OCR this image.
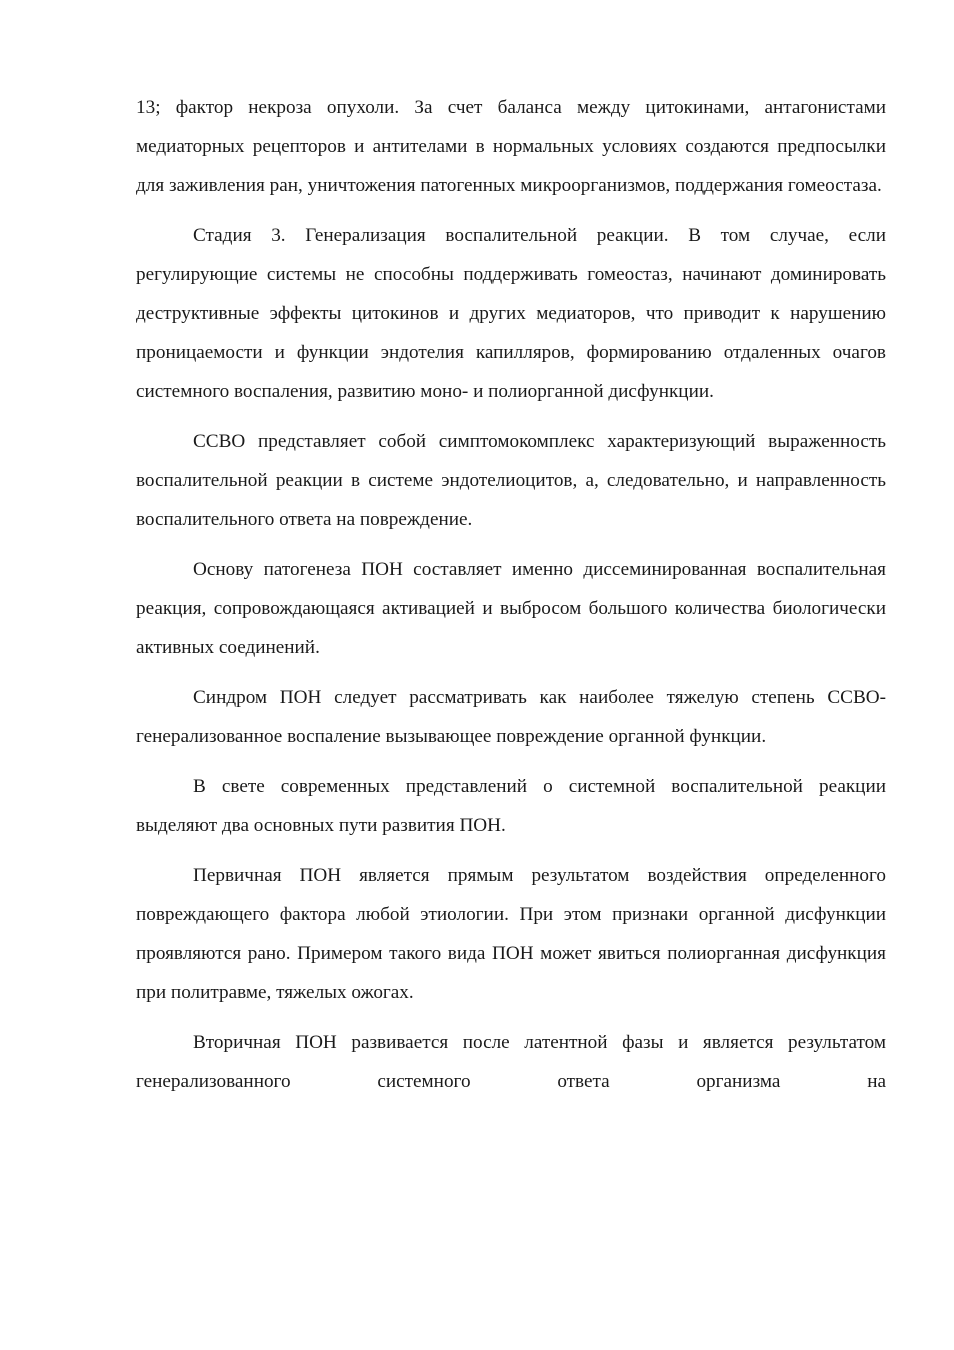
13; фактор некроза опухоли. За счет баланса между цитокинами, антагонистами медиаторных рецепторов и антителами в нормальных условиях создаются предпосылки для заживления ран, уничтожения патогенных микроорганизмов, поддержания гомеостаза.

Стадия 3. Генерализация воспалительной реакции. В том случае, если регулирующие системы не способны поддерживать гомеостаз, начинают доминировать деструктивные эффекты цитокинов и других медиаторов, что приводит к нарушению проницаемости и функции эндотелия капилляров, формированию отдаленных очагов системного воспаления, развитию моно- и полиорганной дисфункции.

ССВО представляет собой симптомокомплекс характеризующий выраженность воспалительной реакции в системе эндотелиоцитов, а, следовательно, и направленность воспалительного ответа на повреждение.

Основу патогенеза ПОН составляет именно диссеминированная воспалительная реакция, сопровождающаяся активацией и выбросом большого количества биологически активных соединений.

Синдром ПОН следует рассматривать как наиболее тяжелую степень ССВО-генерализованное воспаление вызывающее повреждение органной функции.

В свете современных представлений о системной воспалительной реакции выделяют два основных пути развития ПОН.

Первичная ПОН является прямым результатом воздействия определенного повреждающего фактора любой этиологии. При этом признаки органной дисфункции проявляются рано. Примером такого вида ПОН может явиться полиорганная дисфункция при политравме, тяжелых ожогах.

Вторичная ПОН развивается после латентной фазы и является результатом генерализованного системного ответа организма на
